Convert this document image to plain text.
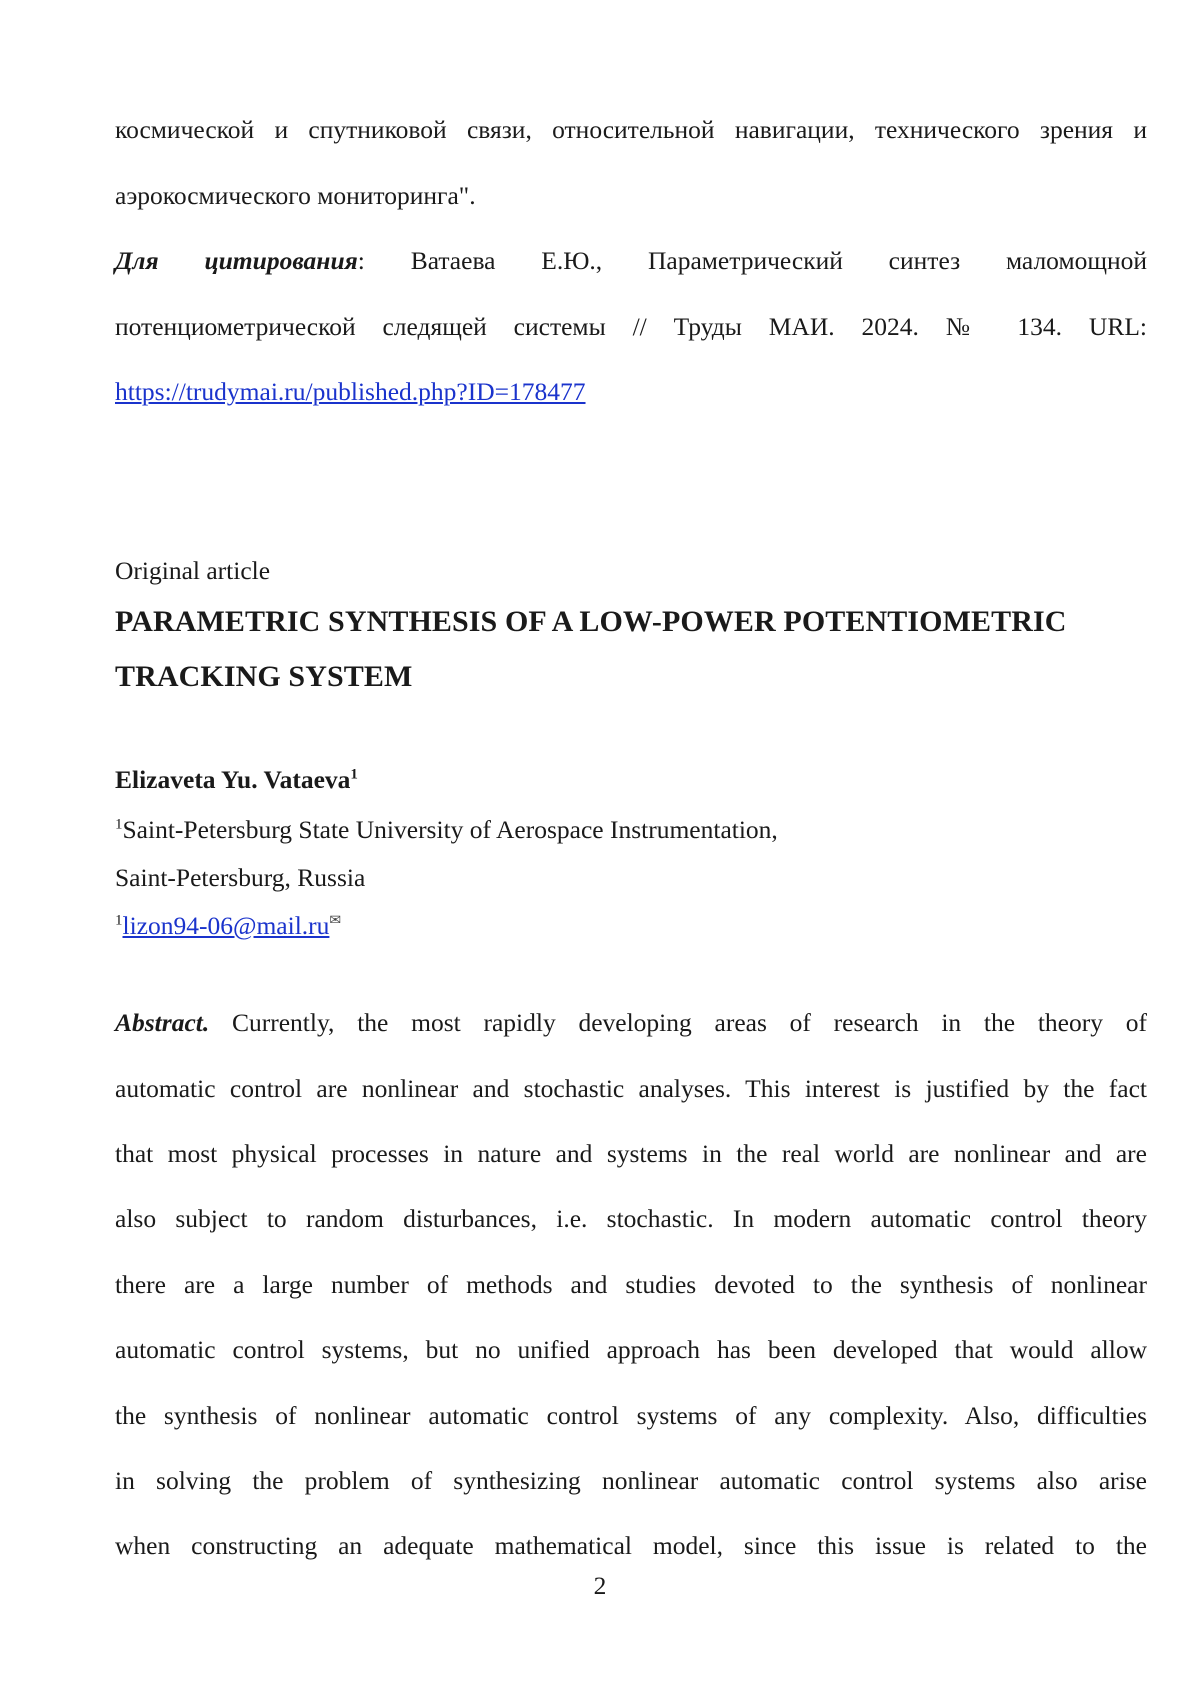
космической и спутниковой связи, относительной навигации, технического зрения и
аэрокосмического мониторинга".
Для цитирования: Ватаева Е.Ю., Параметрический синтез маломощной
потенциометрической следящей системы // Труды МАИ. 2024. № 134. URL:
https://trudymai.ru/published.php?ID=178477
Original article
PARAMETRIC SYNTHESIS OF A LOW-POWER POTENTIOMETRIC
TRACKING SYSTEM
Elizaveta Yu. Vataeva1
1Saint-Petersburg State University of Aerospace Instrumentation,
Saint-Petersburg, Russia
1lizon94-06@mail.ru✉
Abstract. Currently, the most rapidly developing areas of research in the theory of
automatic control are nonlinear and stochastic analyses. This interest is justified by the fact
that most physical processes in nature and systems in the real world are nonlinear and are
also subject to random disturbances, i.e. stochastic. In modern automatic control theory
there are a large number of methods and studies devoted to the synthesis of nonlinear
automatic control systems, but no unified approach has been developed that would allow
the synthesis of nonlinear automatic control systems of any complexity. Also, difficulties
in solving the problem of synthesizing nonlinear automatic control systems also arise
when constructing an adequate mathematical model, since this issue is related to the
2
